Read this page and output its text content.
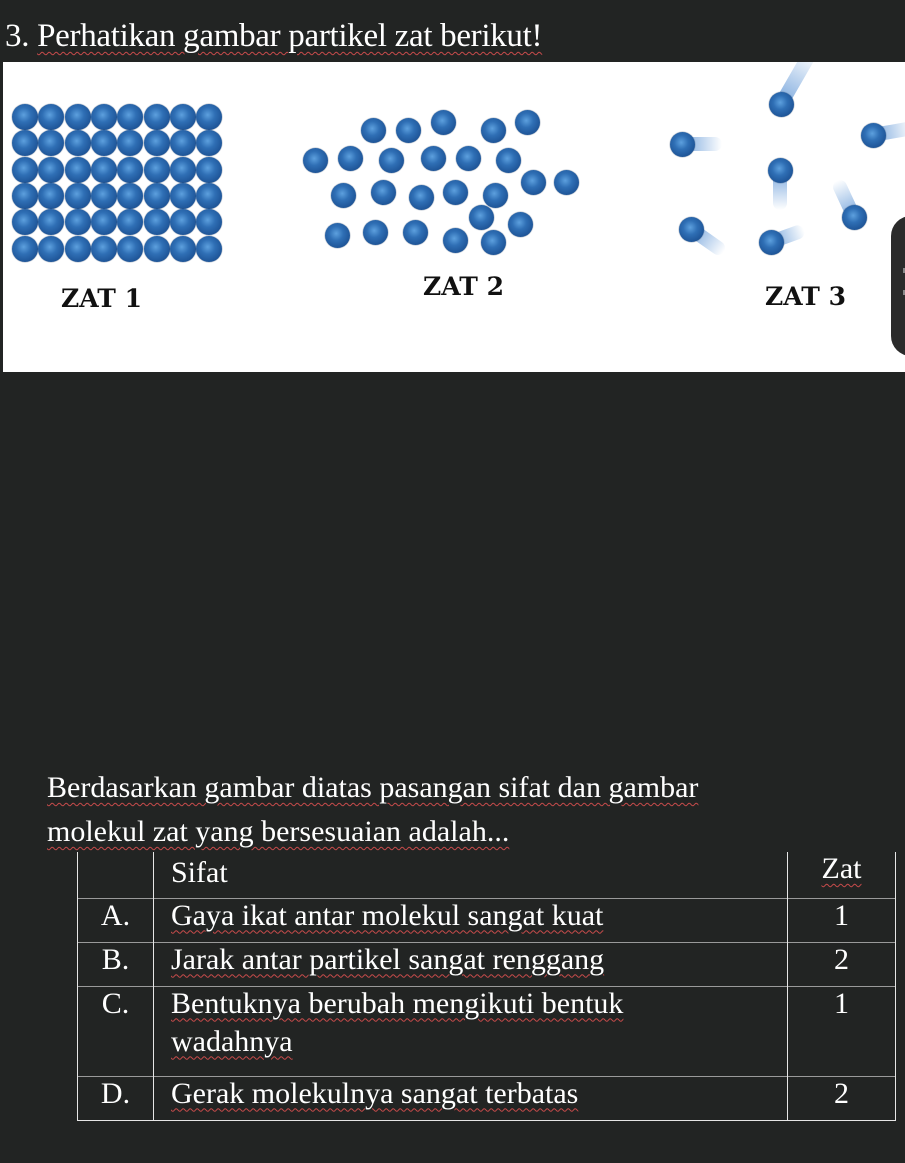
3. Perhatikan gambar partikel zat berikut!
ZAT 1	ZAT 2	ZAT 3
Berdasarkan gambar diatas pasangan sifat dan gambar
molekul zat yang bersesuaian adalah...
	Sifat	Zat
A.	Gaya ikat antar molekul sangat kuat	1
B.	Jarak antar partikel sangat renggang	2
C.	Bentuknya berubah mengikuti bentuk
wadahnya	1
D.	Gerak molekulnya sangat terbatas	2
